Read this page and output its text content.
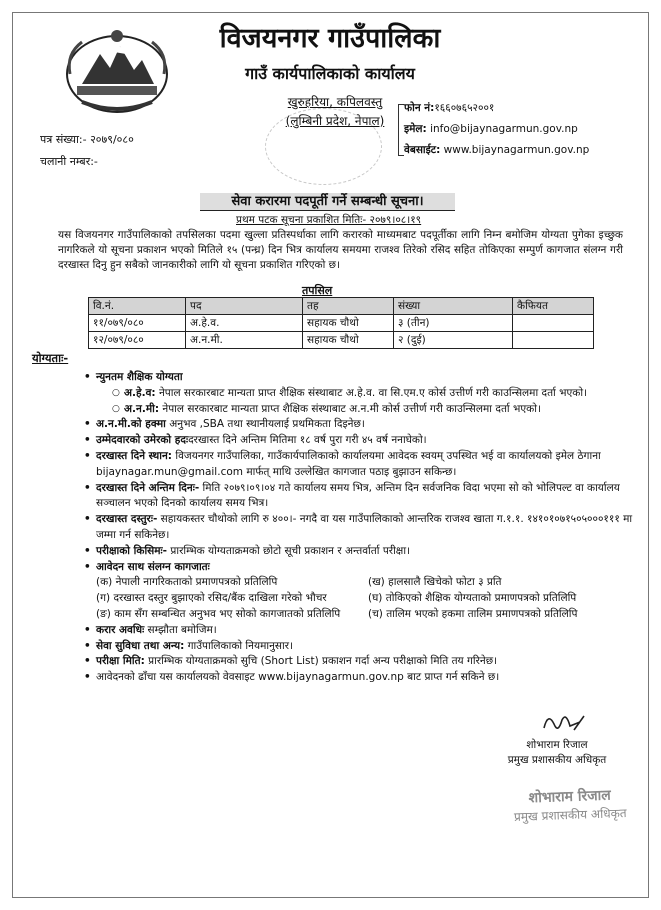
विजयनगर गाउँपालिका
गाउँ कार्यपालिकाको कार्यालय
खुरुहरिया, कपिलवस्तु
(लुम्बिनी प्रदेश, नेपाल)
फोन नं:१६६०७६५२००१
इमेल: info@bijaynagarmun.gov.np
वेबसाईट: www.bijaynagarmun.gov.np
पत्र संख्या:- २०७९/०८०
चलानी नम्बर:-
सेवा करारमा पदपूर्ती गर्ने सम्बन्धी सूचना।
प्रथम पटक सूचना प्रकाशित मितिः- २०७९।०८।१९
यस विजयनगर गाउँपालिकाको तपसिलका पदमा खुल्ला प्रतिस्पर्धाका लागि करारको माध्यमबाट पदपूर्तीका लागि निम्न बमोजिम योग्यता पुगेका इच्छुक नागरिकले यो सूचना प्रकाशन भएको मितिले १५ (पन्ध्र) दिन भित्र कार्यालय समयमा राजश्व तिरेको रसिद सहित तोकिएका सम्पुर्ण कागजात संलग्न गरी दरखास्त दिनु हुन सबैको जानकारीको लागि यो सूचना प्रकाशित गरिएको छ।
तपसिल
वि.नं.	पद	तह	संख्या	कैफियत
११/०७९/०८०	अ.हे.व.	सहायक चौथो	३ (तीन)	
१२/०७९/०८०	अ.न.मी.	सहायक चौथो	२ (दुई)	
योग्यताः-
• न्युनतम शैक्षिक योग्यता
○ अ.हे.व: नेपाल सरकारबाट मान्यता प्राप्त शैक्षिक संस्थाबाट अ.हे.व. वा सि.एम.ए कोर्स उत्तीर्ण गरी काउन्सिलमा दर्ता भएको।
○ अ.न.मी: नेपाल सरकारबाट मान्यता प्राप्त शैक्षिक संस्थाबाट अ.न.मी कोर्स उत्तीर्ण गरी काउन्सिलमा दर्ता भएको।
• अ.न.मी.को हक्मा अनुभव ,SBA तथा स्थानीयलाई प्रथमिकता दिइनेछ।
• उम्मेदवारको उमेरको हदःदरखास्त दिने अन्तिम मितिमा १८ वर्ष पुरा गरी ४५ वर्ष ननाघेको।
• दरखास्त दिने स्थान: विजयनगर गाउँपालिका, गाउँकार्यपालिकाको कार्यालयमा आवेदक स्वयम् उपस्थित भई वा कार्यालयको इमेल ठेगाना bijaynagar.mun@gmail.com मार्फत् माथि उल्लेखित कागजात पठाइ बुझाउन सकिन्छ।
• दरखास्त दिने अन्तिम दिनः- मिति २०७९।०९।०४ गते कार्यालय समय भित्र, अन्तिम दिन सर्वजनिक विदा भएमा सो को भोलिपल्ट वा कार्यालय सञ्चालन भएको दिनको कार्यालय समय भित्र।
• दरखास्त दस्तुरः- सहायकस्तर चौथोको लागि रु ४००।- नगदै वा यस गाउँपालिकाको आन्तरिक राजश्व खाता ग.१.१. १४१०१०७१५०५०००१११ मा जम्मा गर्न सकिनेछ।
• परीक्षाको किसिमः- प्रारम्भिक योग्यताक्रमको छोटो सूची प्रकाशन र अन्तर्वार्ता परीक्षा।
• आवेदन साथ संलग्न कागजातः
(क) नेपाली नागरिकताको प्रमाणपत्रको प्रतिलिपि	(ख) हालसालै खिचेको फोटा ३ प्रति
(ग) दरखास्त दस्तुर बुझाएको रसिद/बैंक दाखिला गरेको भौचर	(घ) तोकिएको शैक्षिक योग्यताको प्रमाणपत्रको प्रतिलिपि
(ङ) काम सँग सम्बन्धित अनुभव भए सोको कागजातको प्रतिलिपि	(च) तालिम भएको हकमा तालिम प्रमाणपत्रको प्रतिलिपि
• करार अवधिः सम्झौता बमोजिम।
• सेवा सुविधा तथा अन्य: गाउँपालिकाको नियमानुसार।
• परीक्षा मिति: प्रारम्भिक योग्यताक्रमको सुचि (Short List) प्रकाशन गर्दा अन्य परीक्षाको मिति तय गरिनेछ।
• आवेदनको ढाँचा यस कार्यालयको वेवसाइट www.bijaynagarmun.gov.np बाट प्राप्त गर्न सकिने छ।
शोभाराम रिजाल
प्रमुख प्रशासकीय अधिकृत
शोभाराम रिजाल
प्रमुख प्रशासकीय अधिकृत
